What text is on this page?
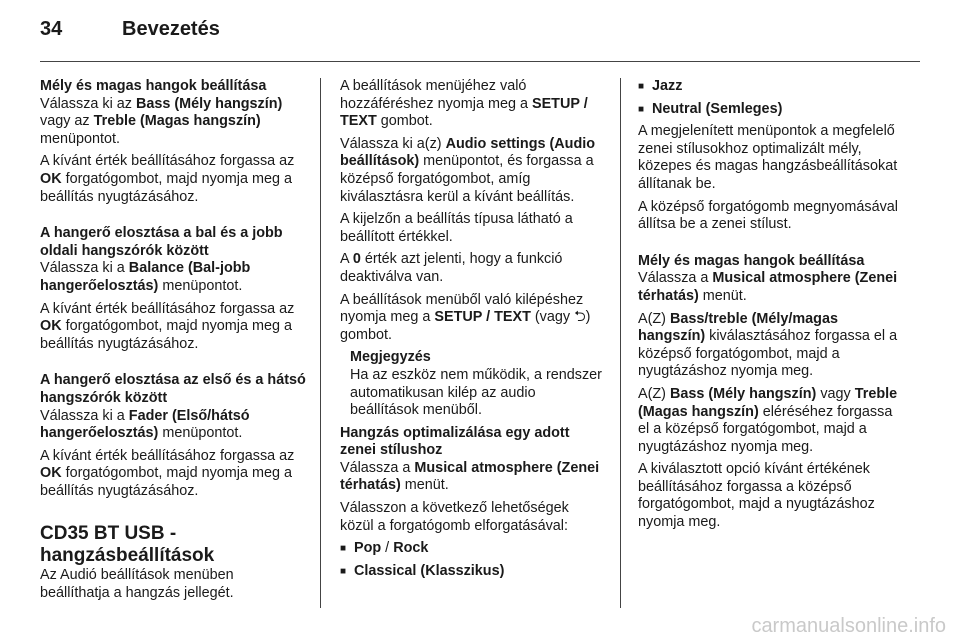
34	Bevezetés
Mély és magas hangok beállítása

Válassza ki az Bass (Mély hangszín) vagy az Treble (Magas hangszín) menüpontot.

A kívánt érték beállításához forgassa az OK forgatógombot, majd nyomja meg a beállítás nyugtázásához.

A hangerő elosztása a bal és a jobb oldali hangszórók között

Válassza ki a Balance (Bal-jobb hangerőelosztás) menüpontot.

A kívánt érték beállításához forgassa az OK forgatógombot, majd nyomja meg a beállítás nyugtázásához.

A hangerő elosztása az első és a hátsó hangszórók között

Válassza ki a Fader (Első/hátsó hangerőelosztás) menüpontot.

A kívánt érték beállításához forgassa az OK forgatógombot, majd nyomja meg a beállítás nyugtázásához.

CD35 BT USB - hangzásbeállítások

Az Audió beállítások menüben beállíthatja a hangzás jellegét.

A beállítások menüjéhez való hozzáféréshez nyomja meg a SETUP / TEXT gombot.

Válassza ki a(z) Audio settings (Audio beállítások) menüpontot, és forgassa a középső forgatógombot, amíg kiválasztásra kerül a kívánt beállítás.

A kijelzőn a beállítás típusa látható a beállított értékkel.

A 0 érték azt jelenti, hogy a funkció deaktiválva van.

A beállítások menüből való kilépéshez nyomja meg a SETUP / TEXT (vagy ⮌) gombot.

Megjegyzés

Ha az eszköz nem működik, a rendszer automatikusan kilép az audio beállítások menüből.

Hangzás optimalizálása egy adott zenei stílushoz

Válassza a Musical atmosphere (Zenei térhatás) menüt.

Válasszon a következő lehetőségek közül a forgatógomb elforgatásával:

■ Pop / Rock

■ Classical (Klasszikus)

■ Jazz

■ Neutral (Semleges)

A megjelenített menüpontok a megfelelő zenei stílusokhoz optimalizált mély, közepes és magas hangzásbeállításokat állítanak be.

A középső forgatógomb megnyomásával állítsa be a zenei stílust.

Mély és magas hangok beállítása

Válassza a Musical atmosphere (Zenei térhatás) menüt.

A(Z) Bass/treble (Mély/magas hangszín) kiválasztásához forgassa el a középső forgatógombot, majd a nyugtázáshoz nyomja meg.

A(Z) Bass (Mély hangszín) vagy Treble (Magas hangszín) eléréséhez forgassa el a középső forgatógombot, majd a nyugtázáshoz nyomja meg.

A kiválasztott opció kívánt értékének beállításához forgassa a középső forgatógombot, majd a nyugtázáshoz nyomja meg.

carmanualsonline.info
